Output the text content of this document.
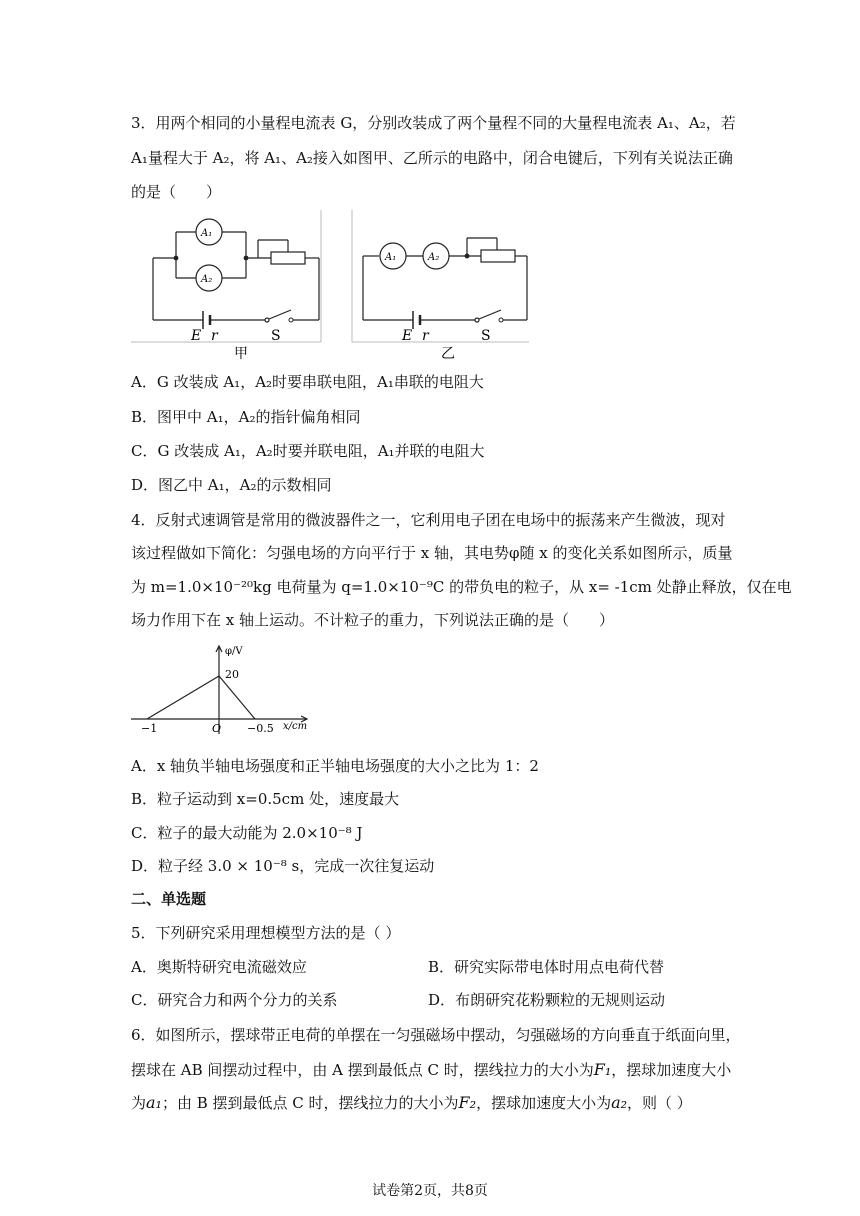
3．用两个相同的小量程电流表 G，分别改装成了两个量程不同的大量程电流表 A₁、A₂，若
A₁量程大于 A₂，将 A₁、A₂接入如图甲、乙所示的电路中，闭合电键后，下列有关说法正确
的是（　　）
A₁
A₂
E r	S
甲
A₁	A₂
E r	S
乙
A．G 改装成 A₁，A₂时要串联电阻，A₁串联的电阻大
B．图甲中 A₁，A₂的指针偏角相同
C．G 改装成 A₁，A₂时要并联电阻，A₁并联的电阻大
D．图乙中 A₁，A₂的示数相同
4．反射式速调管是常用的微波器件之一，它利用电子团在电场中的振荡来产生微波，现对
该过程做如下简化：匀强电场的方向平行于 x 轴，其电势φ随 x 的变化关系如图所示，质量
为 m=1.0×10⁻²⁰kg 电荷量为 q=1.0×10⁻⁹C 的带负电的粒子，从 x= -1cm 处静止释放，仅在电
场力作用下在 x 轴上运动。不计粒子的重力，下列说法正确的是（　　）
φ/V
20
O
−1	−0.5 x/cm
A．x 轴负半轴电场强度和正半轴电场强度的大小之比为 1：2
B．粒子运动到 x=0.5cm 处，速度最大
C．粒子的最大动能为 2.0×10⁻⁸ J
D．粒子经 3.0 × 10⁻⁸ s，完成一次往复运动
二、单选题
5．下列研究采用理想模型方法的是（ ）
A．奥斯特研究电流磁效应	B．研究实际带电体时用点电荷代替
C．研究合力和两个分力的关系	D．布朗研究花粉颗粒的无规则运动
6．如图所示，摆球带正电荷的单摆在一匀强磁场中摆动，匀强磁场的方向垂直于纸面向里，
摆球在 AB 间摆动过程中，由 A 摆到最低点 C 时，摆线拉力的大小为F₁，摆球加速度大小
为a₁；由 B 摆到最低点 C 时，摆线拉力的大小为F₂，摆球加速度大小为a₂，则（ ）
试卷第2页，共8页
